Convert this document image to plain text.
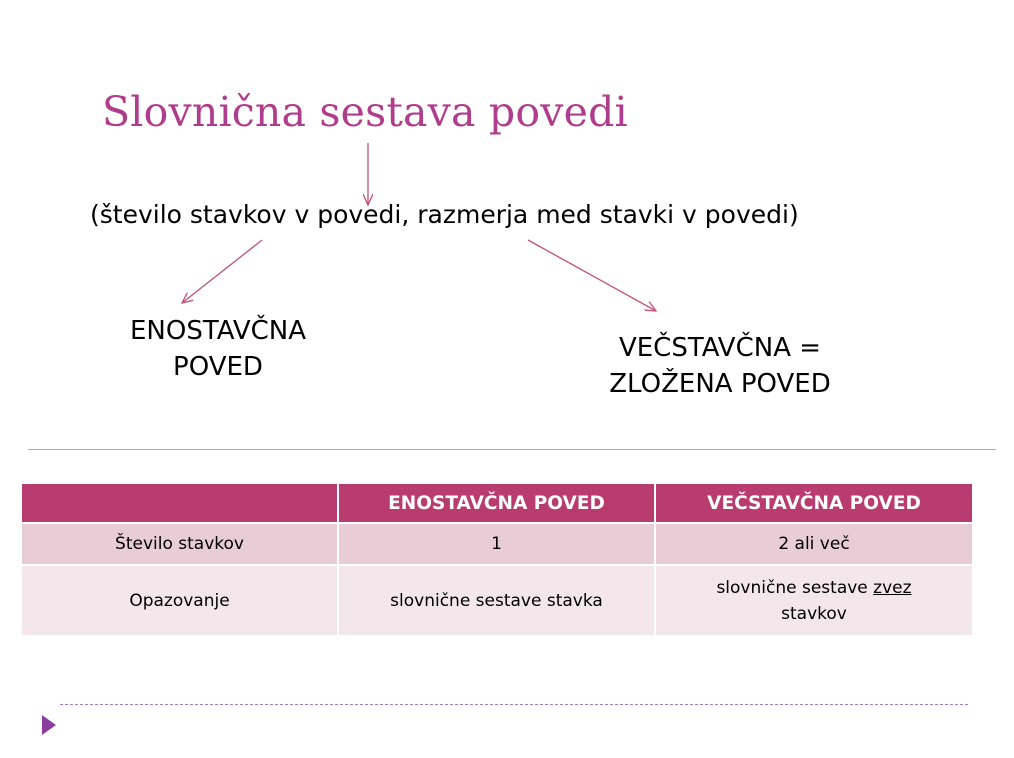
Slovnična sestava povedi
(število stavkov v povedi, razmerja med stavki v povedi)
ENOSTAVČNA
POVED
VEČSTAVČNA =
ZLOŽENA POVED
	ENOSTAVČNA POVED	VEČSTAVČNA POVED
Število stavkov	1	2 ali več
Opazovanje	slovnične sestave stavka	slovnične sestave zvez
stavkov
